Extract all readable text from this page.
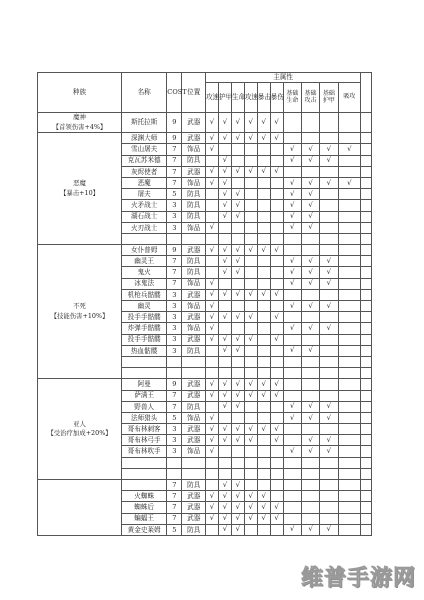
种族	名称	COST	位置	主属性										
				攻速	护甲	生命	攻速	暴击	暴伤	基础生命	基础攻击	基础护甲	吸攻	

魔神
【首领伤害+4%】	斯托拉斯	9	武器	√	√	√	√	√	√					

恶魔
【暴击+10】	深渊大师	9	武器	√	√	√	√	√	√					
	雪山屠夫	7	饰品	√						√	√	√	√	
	克瓦苏米德	7	防具		√					√	√	√		
	灰烬使者	7	武器	√	√	√	√	√	√					
	恶魔	7	饰品	√	√					√	√	√	√	
	屠夫	5	防具		√	√				√	√			
	火矛战士	3	防具		√	√				√	√			
	湖石战士	3	防具		√	√				√	√			
	火刃战士	3	饰品	√						√	√			

不死
【技能伤害+10%】	女仆普姆	9	武器	√	√	√	√	√	√					
	幽灵王	7	防具		√	√				√	√	√		
	鬼火	7	防具		√	√				√	√	√		
	冰鬼法	7	饰品	√						√	√	√		
	机枪兵骷髅	3	武器	√	√	√	√	√	√					
	幽灵	3	饰品	√						√	√	√		
	投手手骷髅	3	武器	√	√	√	√		√					
	炸弹手骷髅	3	饰品	√						√	√	√		
	投手手骷髅	3	武器	√	√	√	√		√					
	热血骷髅	3	防具		√	√				√	√			

亚人
【受治疗加成+20%】	阿曼	9	武器	√	√	√	√	√	√					
	萨满王	7	武器	√	√	√	√	√	√					
	野兽人	7	防具		√	√				√	√	√		
	法师猎头	5	饰品	√						√	√	√		
	哥布林刺客	3	武器	√	√	√	√	√	√					
	哥布林弓手	3	武器	√	√	√	√		√		√	√		
	哥布林吹手	3	饰品	√						√	√	√		

		7	防具		√	√								
	火蜘蛛	7	武器	√	√	√	√	√						
	蜘蛛后	7	武器	√	√	√	√	√	√					
	蝙蝠王	7	武器	√	√	√	√	√	√					
	黄金史莱姆	5	防具		√	√				√	√	√		
维普手游网
